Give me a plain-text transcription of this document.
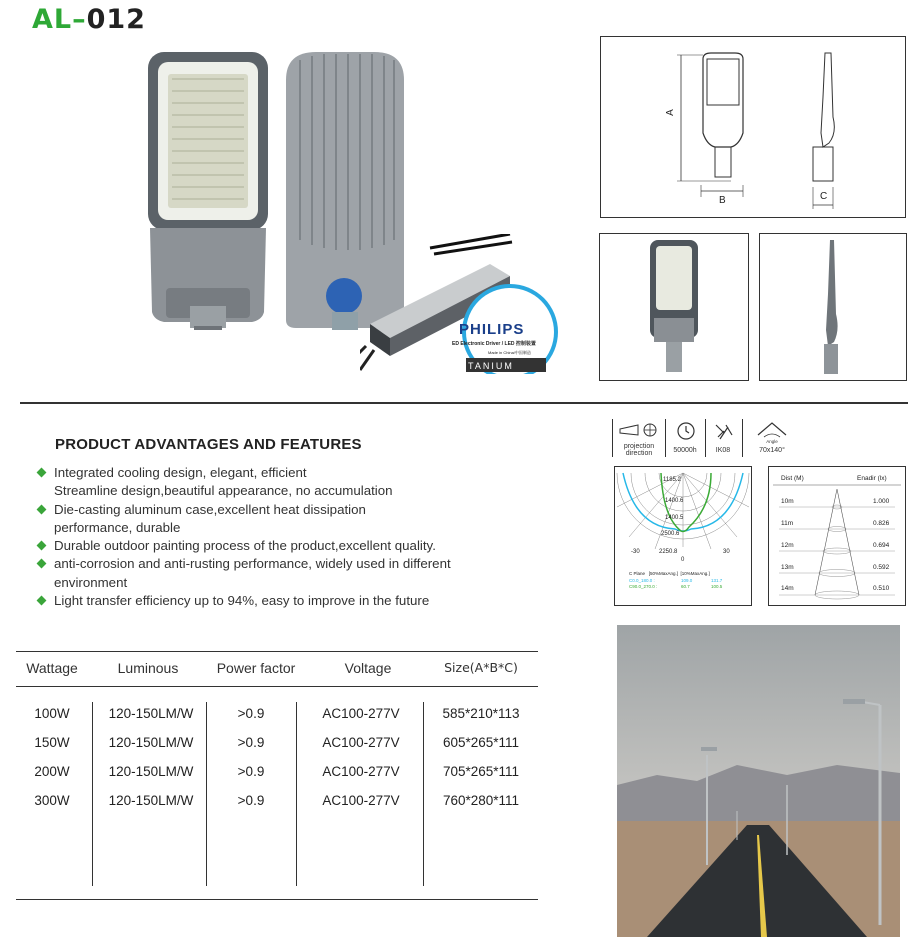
AL–012
PHILIPS
ED Electronic Driver / LED 控制装置
Made in China/中国制造
TANIUM
A
B	C
PRODUCT ADVANTAGES AND FEATURES
Integrated cooling design, elegant, efficient
Streamline design,beautiful appearance, no accumulation
Die-casting aluminum case,excellent heat dissipation
performance, durable
Durable outdoor painting process of the product,excellent quality.
anti-corrosion and anti-rusting performance, widely used in different
environment
Light transfer efficiency up to 94%, easy to improve in the future
Wattage	Luminous	Power factor	Voltage	Size(A*B*C)
100W	120-150LM/W	>0.9	AC100-277V	585*210*113
150W	120-150LM/W	>0.9	AC100-277V	605*265*111
200W	120-150LM/W	>0.9	AC100-277V	705*265*111
300W	120-150LM/W	>0.9	AC100-277V	760*280*111
projection direction	50000h	IK08
Angle
70x140°
1185.2
1400.6
1400.5
2500.6
2250.8
-30	30
0
C Plane   [50%MaxAng.]  [10%MaxAng.]
C0.0_180.0 :
C90.0_270.0 :
109.0	131.7
60.7	100.5
Dist (M)	Enadir (lx)
10m	1.000
11m	0.826
12m	0.694
13m	0.592
14m	0.510
